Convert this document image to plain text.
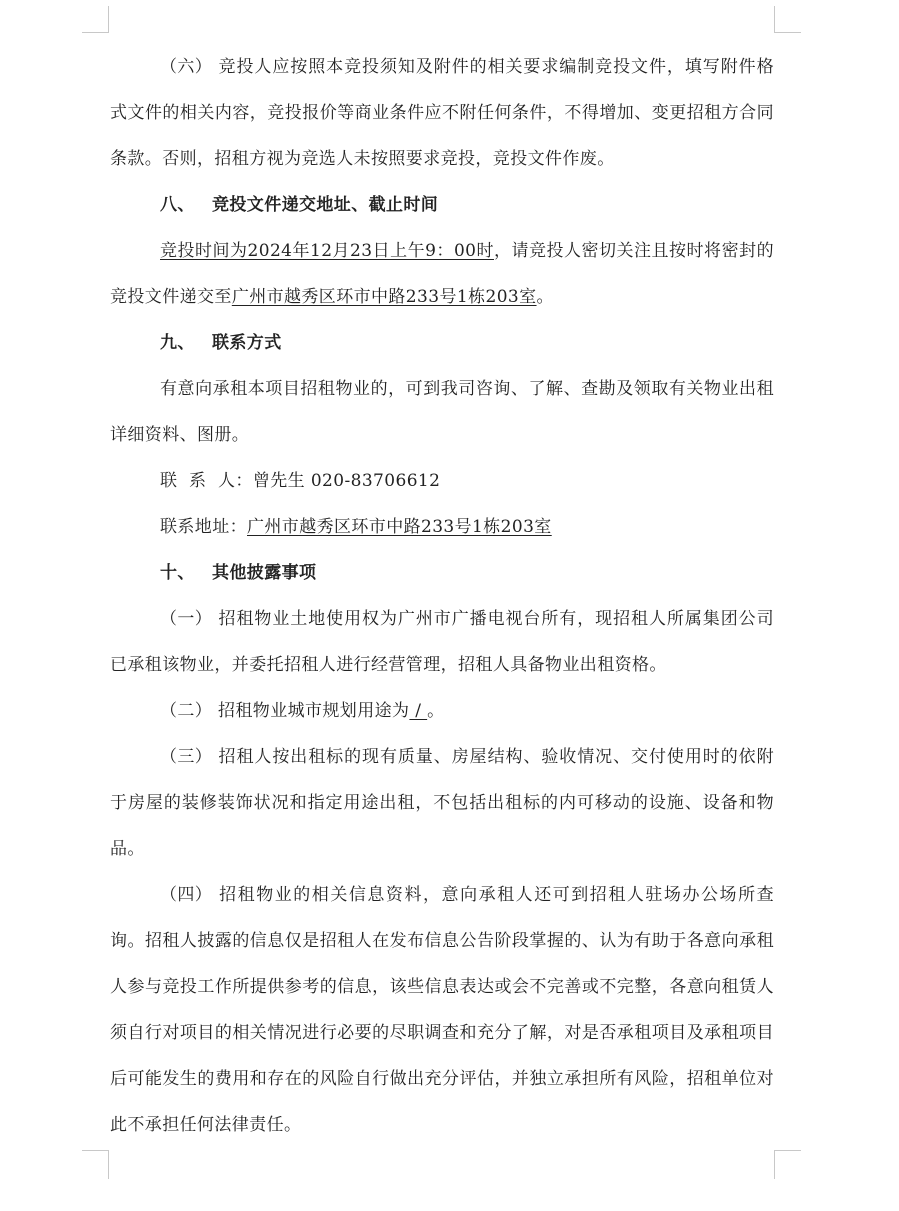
（六） 竞投人应按照本竞投须知及附件的相关要求编制竞投文件，填写附件格式文件的相关内容，竞投报价等商业条件应不附任何条件，不得增加、变更招租方合同条款。否则，招租方视为竞选人未按照要求竞投，竞投文件作废。

八、 竞投文件递交地址、截止时间

竞投时间为2024年12月23日上午9：00时，请竞投人密切关注且按时将密封的竞投文件递交至广州市越秀区环市中路233号1栋203室。

九、 联系方式

有意向承租本项目招租物业的，可到我司咨询、了解、查勘及领取有关物业出租详细资料、图册。

联  系  人：曾先生 020-83706612

联系地址：广州市越秀区环市中路233号1栋203室

十、 其他披露事项

（一） 招租物业土地使用权为广州市广播电视台所有，现招租人所属集团公司已承租该物业，并委托招租人进行经营管理，招租人具备物业出租资格。

（二） 招租物业城市规划用途为 / 。

（三） 招租人按出租标的现有质量、房屋结构、验收情况、交付使用时的依附于房屋的装修装饰状况和指定用途出租，不包括出租标的内可移动的设施、设备和物品。

（四） 招租物业的相关信息资料，意向承租人还可到招租人驻场办公场所查询。招租人披露的信息仅是招租人在发布信息公告阶段掌握的、认为有助于各意向承租人参与竞投工作所提供参考的信息，该些信息表达或会不完善或不完整，各意向租赁人须自行对项目的相关情况进行必要的尽职调查和充分了解，对是否承租项目及承租项目后可能发生的费用和存在的风险自行做出充分评估，并独立承担所有风险，招租单位对此不承担任何法律责任。
